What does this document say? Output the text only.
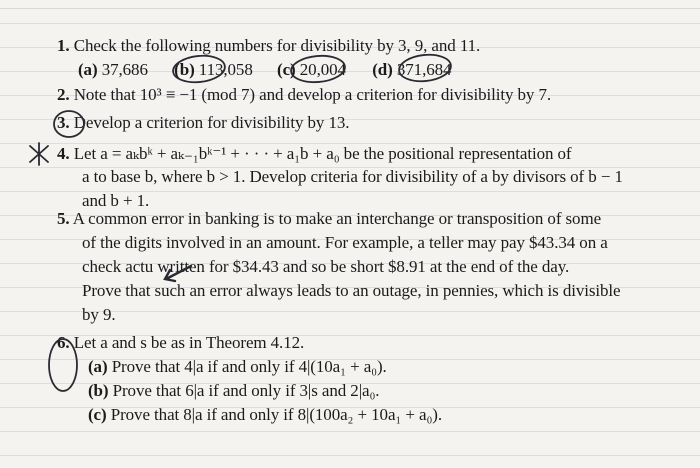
1. Check the following numbers for divisibility by 3, 9, and 11.
(a) 37,686 (b) 113,058 (c) 20,004 (d) 371,684
2. Note that 10³ ≡ −1 (mod 7) and develop a criterion for divisibility by 7.
3. Develop a criterion for divisibility by 13.
4. Let a = aₖbᵏ + aₖ₋₁bᵏ⁻¹ + · · · + a₁b + a₀ be the positional representation of
a to base b, where b > 1. Develop criteria for divisibility of a by divisors of b − 1
and b + 1.
5. A common error in banking is to make an interchange or transposition of some
of the digits involved in an amount. For example, a teller may pay $43.34 on a
check actu written for $34.43 and so be short $8.91 at the end of the day.
Prove that such an error always leads to an outage, in pennies, which is divisible
by 9.
6. Let a and s be as in Theorem 4.12.
(a) Prove that 4|a if and only if 4|(10a₁ + a₀).
(b) Prove that 6|a if and only if 3|s and 2|a₀.
(c) Prove that 8|a if and only if 8|(100a₂ + 10a₁ + a₀).
